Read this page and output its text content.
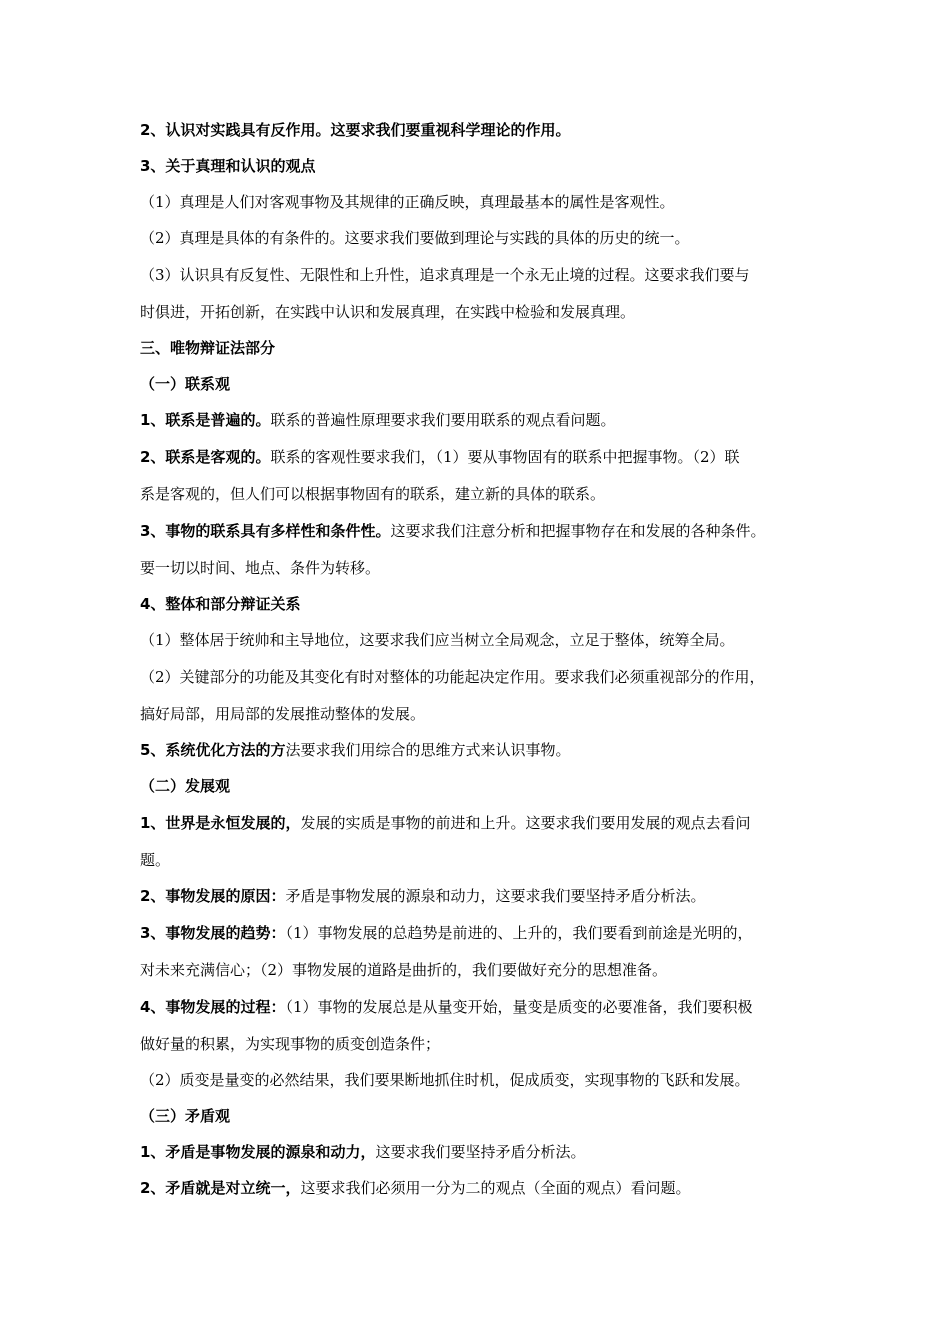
2、认识对实践具有反作用。这要求我们要重视科学理论的作用。
3、关于真理和认识的观点
（1）真理是人们对客观事物及其规律的正确反映，真理最基本的属性是客观性。
（2）真理是具体的有条件的。这要求我们要做到理论与实践的具体的历史的统一。
（3）认识具有反复性、无限性和上升性，追求真理是一个永无止境的过程。这要求我们要与
时俱进，开拓创新，在实践中认识和发展真理，在实践中检验和发展真理。
三、唯物辩证法部分
（一）联系观
1、联系是普遍的。联系的普遍性原理要求我们要用联系的观点看问题。
2、联系是客观的。联系的客观性要求我们，（1）要从事物固有的联系中把握事物。（2）联
系是客观的，但人们可以根据事物固有的联系，建立新的具体的联系。
3、事物的联系具有多样性和条件性。这要求我们注意分析和把握事物存在和发展的各种条件。
要一切以时间、地点、条件为转移。
4、整体和部分辩证关系
（1）整体居于统帅和主导地位，这要求我们应当树立全局观念，立足于整体，统筹全局。
（2）关键部分的功能及其变化有时对整体的功能起决定作用。要求我们必须重视部分的作用，
搞好局部，用局部的发展推动整体的发展。
5、系统优化方法的方法要求我们用综合的思维方式来认识事物。
（二）发展观
1、世界是永恒发展的，发展的实质是事物的前进和上升。这要求我们要用发展的观点去看问
题。
2、事物发展的原因：矛盾是事物发展的源泉和动力，这要求我们要坚持矛盾分析法。
3、事物发展的趋势：（1）事物发展的总趋势是前进的、上升的，我们要看到前途是光明的，
对未来充满信心；（2）事物发展的道路是曲折的，我们要做好充分的思想准备。
4、事物发展的过程：（1）事物的发展总是从量变开始，量变是质变的必要准备，我们要积极
做好量的积累，为实现事物的质变创造条件；
（2）质变是量变的必然结果，我们要果断地抓住时机，促成质变，实现事物的飞跃和发展。
（三）矛盾观
1、矛盾是事物发展的源泉和动力，这要求我们要坚持矛盾分析法。
2、矛盾就是对立统一，这要求我们必须用一分为二的观点（全面的观点）看问题。
